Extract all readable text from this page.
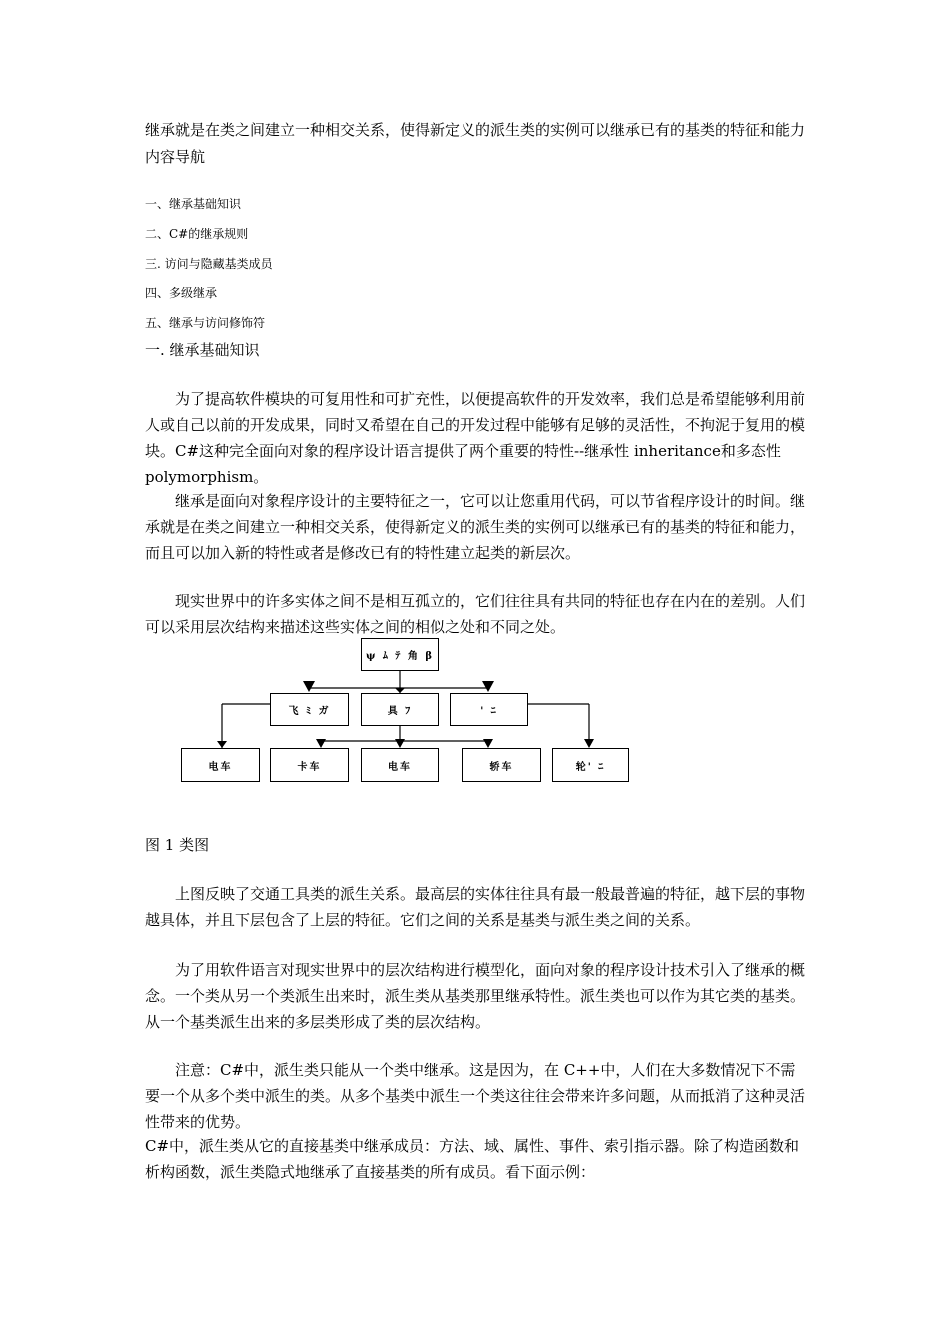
继承就是在类之间建立一种相交关系，使得新定义的派生类的实例可以继承已有的基类的特征和能力
内容导航
一、继承基础知识
二、C#的继承规则
三. 访问与隐藏基类成员
四、多级继承
五、继承与访问修饰符
一. 继承基础知识
为了提高软件模块的可复用性和可扩充性，以便提高软件的开发效率，我们总是希望能够利用前人或自己以前的开发成果，同时又希望在自己的开发过程中能够有足够的灵活性，不拘泥于复用的模块。C#这种完全面向对象的程序设计语言提供了两个重要的特性--继承性 inheritance和多态性 polymorphism。
继承是面向对象程序设计的主要特征之一，它可以让您重用代码，可以节省程序设计的时间。继承就是在类之间建立一种相交关系，使得新定义的派生类的实例可以继承已有的基类的特征和能力，而且可以加入新的特性或者是修改已有的特性建立起类的新层次。
现实世界中的许多实体之间不是相互孤立的，它们往往具有共同的特征也存在内在的差别。人们可以采用层次结构来描述这些实体之间的相似之处和不同之处。
ψ ﾑ ﾃ 角 β
飞 ﾐ ガ	具 ﾌ	' ﾆ
电车	卡车	电车	轿车	轮' ﾆ
图 1 类图
上图反映了交通工具类的派生关系。最高层的实体往往具有最一般最普遍的特征，越下层的事物越具体，并且下层包含了上层的特征。它们之间的关系是基类与派生类之间的关系。
为了用软件语言对现实世界中的层次结构进行模型化，面向对象的程序设计技术引入了继承的概念。一个类从另一个类派生出来时，派生类从基类那里继承特性。派生类也可以作为其它类的基类。从一个基类派生出来的多层类形成了类的层次结构。
注意：C#中，派生类只能从一个类中继承。这是因为，在 C++中，人们在大多数情况下不需要一个从多个类中派生的类。从多个基类中派生一个类这往往会带来许多问题，从而抵消了这种灵活性带来的优势。
C#中，派生类从它的直接基类中继承成员：方法、域、属性、事件、索引指示器。除了构造函数和析构函数，派生类隐式地继承了直接基类的所有成员。看下面示例：
